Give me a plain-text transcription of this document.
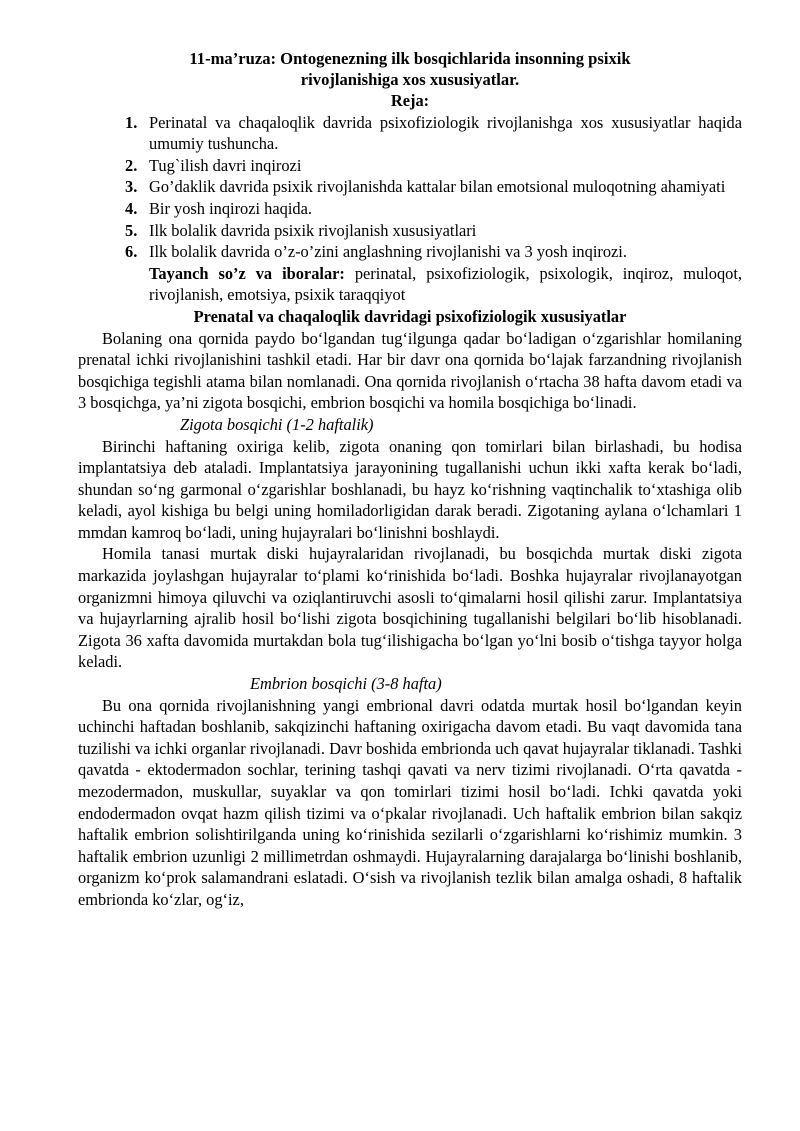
11-ma’ruza: Ontogenezning ilk bosqichlarida insonning psixik rivojlanishiga xos xususiyatlar.

Reja:

1. Perinatal va chaqaloqlik davrida psixofiziologik rivojlanishga xos xususiyatlar haqida umumiy tushuncha.
2. Tug`ilish davri inqirozi
3. Go’daklik davrida psixik rivojlanishda kattalar bilan emotsional muloqotning ahamiyati
4. Bir yosh inqirozi haqida.
5. Ilk bolalik davrida psixik rivojlanish xususiyatlari
6. Ilk bolalik davrida o’z-o’zini anglashning rivojlanishi va 3 yosh inqirozi.

Tayanch so’z va iboralar: perinatal, psixofiziologik, psixologik, inqiroz, muloqot, rivojlanish, emotsiya, psixik taraqqiyot

Prenatal va chaqaloqlik davridagi psixofiziologik xususiyatlar

Bolaning ona qornida paydo bo‘lgandan tug‘ilgunga qadar bo‘ladigan o‘zgarishlar homilaning prenatal ichki rivojlanishini tashkil etadi. Har bir davr ona qornida bo‘lajak farzandning rivojlanish bosqichiga tegishli atama bilan nomlanadi. Ona qornida rivojlanish o‘rtacha 38 hafta davom etadi va 3 bosqichga, ya’ni zigota bosqichi, embrion bosqichi va homila bosqichiga bo‘linadi.

Zigota bosqichi (1-2 haftalik)

Birinchi haftaning oxiriga kelib, zigota onaning qon tomirlari bilan birlashadi, bu hodisa implantatsiya deb ataladi. Implantatsiya jarayonining tugallanishi uchun ikki xafta kerak bo‘ladi, shundan so‘ng garmonal o‘zgarishlar boshlanadi, bu hayz ko‘rishning vaqtinchalik to‘xtashiga olib keladi, ayol kishiga bu belgi uning homiladorligidan darak beradi. Zigotaning aylana o‘lchamlari 1 mmdan kamroq bo‘ladi, uning hujayralari bo‘linishni boshlaydi.

Homila tanasi murtak diski hujayralaridan rivojlanadi, bu bosqichda murtak diski zigota markazida joylashgan hujayralar to‘plami ko‘rinishida bo‘ladi. Boshka hujayralar rivojlanayotgan organizmni himoya qiluvchi va oziqlantiruvchi asosli to‘qimalarni hosil qilishi zarur. Implantatsiya va hujayrlarning ajralib hosil bo‘lishi zigota bosqichining tugallanishi belgilari bo‘lib hisoblanadi. Zigota 36 xafta davomida murtakdan bola tug‘ilishigacha bo‘lgan yo‘lni bosib o‘tishga tayyor holga keladi.

Embrion bosqichi (3-8 hafta)

Bu ona qornida rivojlanishning yangi embrional davri odatda murtak hosil bo‘lgandan keyin uchinchi haftadan boshlanib, sakqizinchi haftaning oxirigacha davom etadi. Bu vaqt davomida tana tuzilishi va ichki organlar rivojlanadi. Davr boshida embrionda uch qavat hujayralar tiklanadi. Tashki qavatda - ektodermadon sochlar, terining tashqi qavati va nerv tizimi rivojlanadi. O‘rta qavatda - mezodermadon, muskullar, suyaklar va qon tomirlari tizimi hosil bo‘ladi. Ichki qavatda yoki endodermadon ovqat hazm qilish tizimi va o‘pkalar rivojlanadi. Uch haftalik embrion bilan sakqiz haftalik embrion solishtirilganda uning ko‘rinishida sezilarli o‘zgarishlarni ko‘rishimiz mumkin. 3 haftalik embrion uzunligi 2 millimetrdan oshmaydi. Hujayralarning darajalarga bo‘linishi boshlanib, organizm ko‘prok salamandrani eslatadi. O‘sish va rivojlanish tezlik bilan amalga oshadi, 8 haftalik embrionda ko‘zlar, og‘iz,
